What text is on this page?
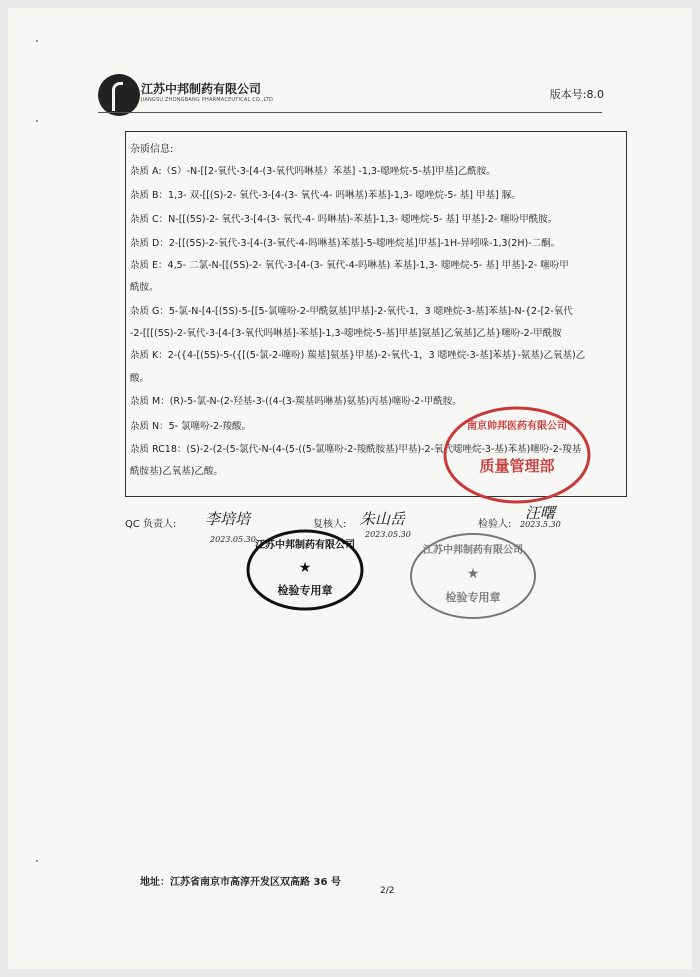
江苏中邦制药有限公司
JIANGSU ZHONGBANG PHARMACEUTICAL CO.,LTD	版本号:8.0
杂质信息:
杂质 A:（S）-N-[[2-氧代-3-[4-(3-氧代吗啉基）苯基] -1,3-噁唑烷-5-基]甲基]乙酰胺。
杂质 B：1,3- 双-[[(S)-2- 氧代-3-[4-(3- 氧代-4- 吗啉基)苯基]-1,3- 噁唑烷-5- 基] 甲基] 脲。
杂质 C：N-[[(5S)-2- 氧代-3-[4-(3- 氧代-4- 吗啉基)-苯基]-1,3- 噁唑烷-5- 基] 甲基]-2- 噻吩甲酰胺。
杂质 D：2-[[(5S)-2-氧代-3-[4-(3-氧代-4-吗啉基)苯基]-5-噁唑烷基]甲基]-1H-异吲哚-1,3(2H)-二酮。
杂质 E：4,5- 二氯-N-[[(5S)-2- 氧代-3-[4-(3- 氧代-4-吗啉基) 苯基]-1,3- 噁唑烷-5- 基] 甲基]-2- 噻吩甲
酰胺。
杂质 G：5-氯-N-[4-[(5S)-5-[[5-氯噻吩-2-甲酰氨基]甲基]-2-氧代-1，3 噁唑烷-3-基]苯基]-N-{2-[2-氧代
-2-[[[(5S)-2-氧代-3-[4-[3-氧代吗啉基]-苯基]-1,3-噁唑烷-5-基]甲基]氨基]乙氧基]乙基}噻吩-2-甲酰胺
杂质 K：2-({4-[(5S)-5-({[(5-氯-2-噻吩) 羰基]氨基}甲基)-2-氧代-1，3 噁唑烷-3-基]苯基}-氨基)乙氧基)乙
酸。
杂质 M：(R)-5-氯-N-(2-羟基-3-((4-(3-羰基吗啉基)氨基)丙基)噻吩-2-甲酰胺。
杂质 N：5- 氯噻吩-2-羧酸。
杂质 RC18：(S)-2-(2-(5-氯代-N-(4-(5-((5-氯噻吩-2-羧酰胺基)甲基)-2-氧代噁唑烷-3-基)苯基)噻吩-2-羧基
酰胺基)乙氧基)乙酸。
南京帅邦医药有限公司
质量管理部
QC 负责人: 李培培
2023.05.30
复核人: 朱山岳
2023.05.30
检验人:
汪曙
2023.5.30
江苏中邦制药有限公司
★
检验专用章
江苏中邦制药有限公司
★
检验专用章
地址：江苏省南京市高淳开发区双高路 36 号
2/2
